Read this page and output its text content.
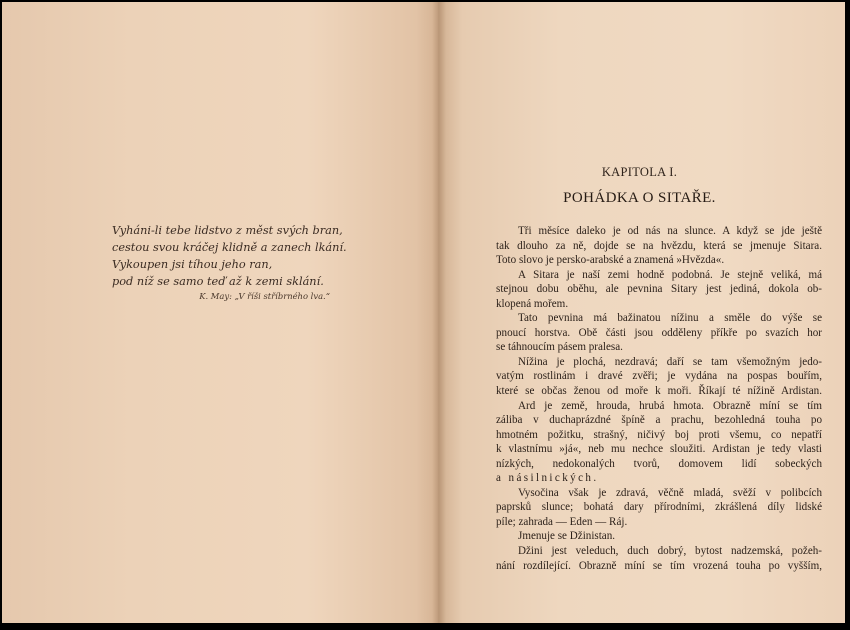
Vyháni-li tebe lidstvo z měst svých bran,
cestou svou kráčej klidně a zanech lkání.
Vykoupen jsi tíhou jeho ran,
pod níž se samo teď až k zemi sklání.
K. May: „V říši stříbrného lva.“
KAPITOLA I.
POHÁDKA O SITAŘE.
Tři měsíce daleko je od nás na slunce. A když se jde ještě
tak dlouho za ně, dojde se na hvězdu, která se jmenuje Sitara.
Toto slovo je persko-arabské a znamená »Hvězda«.
A Sitara je naší zemi hodně podobná. Je stejně veliká, má
stejnou dobu oběhu, ale pevnina Sitary jest jediná, dokola ob-
klopená mořem.
Tato pevnina má bažinatou nížinu a směle do výše se
pnoucí horstva. Obě části jsou odděleny příkře po svazích hor
se táhnoucím pásem pralesa.
Nížina je plochá, nezdravá; daří se tam všemožným jedo-
vatým rostlinám i dravé zvěři; je vydána na pospas bouřím,
které se občas ženou od moře k moři. Říkají té nížině Ardistan.
Ard je země, hrouda, hrubá hmota. Obrazně míní se tím
záliba v duchaprázdné špíně a prachu, bezohledná touha po
hmotném požitku, strašný, ničivý boj proti všemu, co nepatří
k vlastnímu »já«, neb mu nechce sloužiti. Ardistan je tedy vlasti
nízkých, nedokonalých tvorů, domovem lidí sobeckých
a násilnických.
Vysočina však je zdravá, věčně mladá, svěží v polibcích
paprsků slunce; bohatá dary přírodními, zkrášlená díly lidské
píle; zahrada — Eden — Ráj.
Jmenuje se Džinistan.
Džini jest veleduch, duch dobrý, bytost nadzemská, požeh-
nání rozdílející. Obrazně míní se tím vrozená touha po vyšším,
